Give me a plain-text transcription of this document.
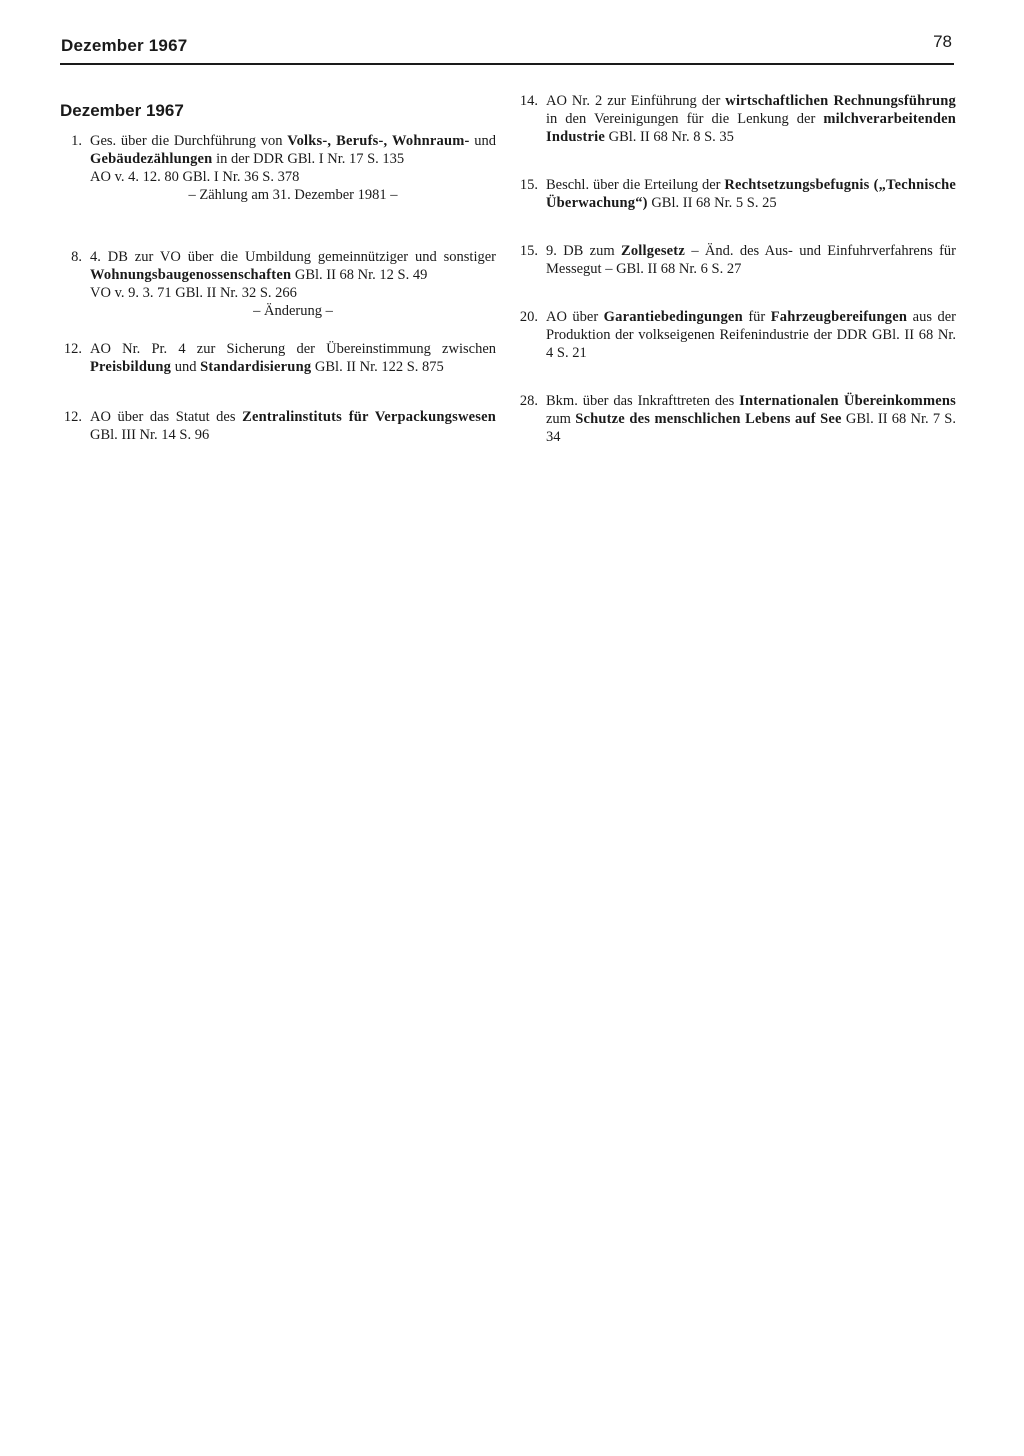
Dezember 1967	78
Dezember 1967
1. Ges. über die Durchführung von Volks-, Berufs-, Wohnraum- und Gebäudezählungen in der DDR GBl. I Nr. 17 S. 135
AO v. 4. 12. 80 GBl. I Nr. 36 S. 378
– Zählung am 31. Dezember 1981 –
8. 4. DB zur VO über die Umbildung gemeinnütziger und sonstiger Wohnungsbaugenossenschaften GBl. II 68 Nr. 12 S. 49
VO v. 9. 3. 71 GBl. II Nr. 32 S. 266
– Änderung –
12. AO Nr. Pr. 4 zur Sicherung der Übereinstimmung zwischen Preisbildung und Standardisierung GBl. II Nr. 122 S. 875
12. AO über das Statut des Zentralinstituts für Verpackungswesen GBl. III Nr. 14 S. 96
14. AO Nr. 2 zur Einführung der wirtschaftlichen Rechnungsführung in den Vereinigungen für die Lenkung der milchverarbeitenden Industrie GBl. II 68 Nr. 8 S. 35
15. Beschl. über die Erteilung der Rechtsetzungsbefugnis („Technische Überwachung“) GBl. II 68 Nr. 5 S. 25
15. 9. DB zum Zollgesetz – Änd. des Aus- und Einfuhrverfahrens für Messegut – GBl. II 68 Nr. 6 S. 27
20. AO über Garantiebedingungen für Fahrzeugbereifungen aus der Produktion der volkseigenen Reifenindustrie der DDR GBl. II 68 Nr. 4 S. 21
28. Bkm. über das Inkrafttreten des Internationalen Übereinkommens zum Schutze des menschlichen Lebens auf See GBl. II 68 Nr. 7 S. 34
